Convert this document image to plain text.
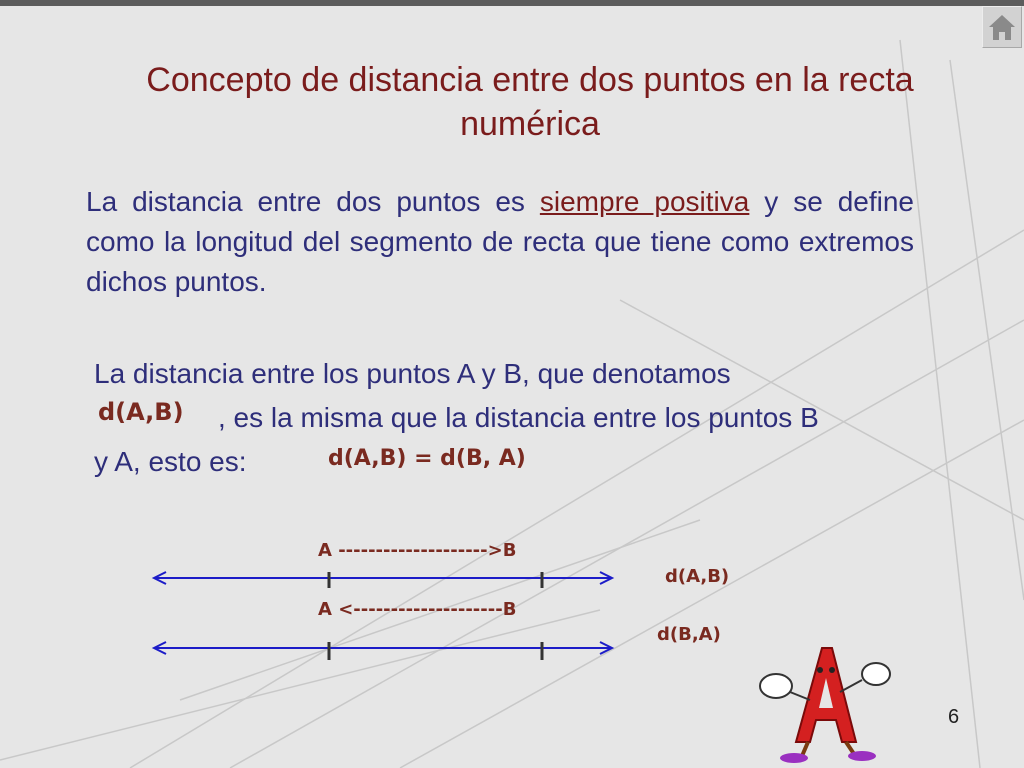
Concepto de distancia entre dos puntos en la recta numérica
La distancia entre dos puntos es siempre positiva y se define como la longitud del segmento de recta que tiene como extremos dichos puntos.
La distancia entre los puntos A y B, que denotamos
, es la misma que la distancia entre los puntos B
y A, esto es:
d(A,B)
d(A,B) = d(B, A)
A -------------------->B
A <--------------------B
d(A,B)
d(B,A)
6
